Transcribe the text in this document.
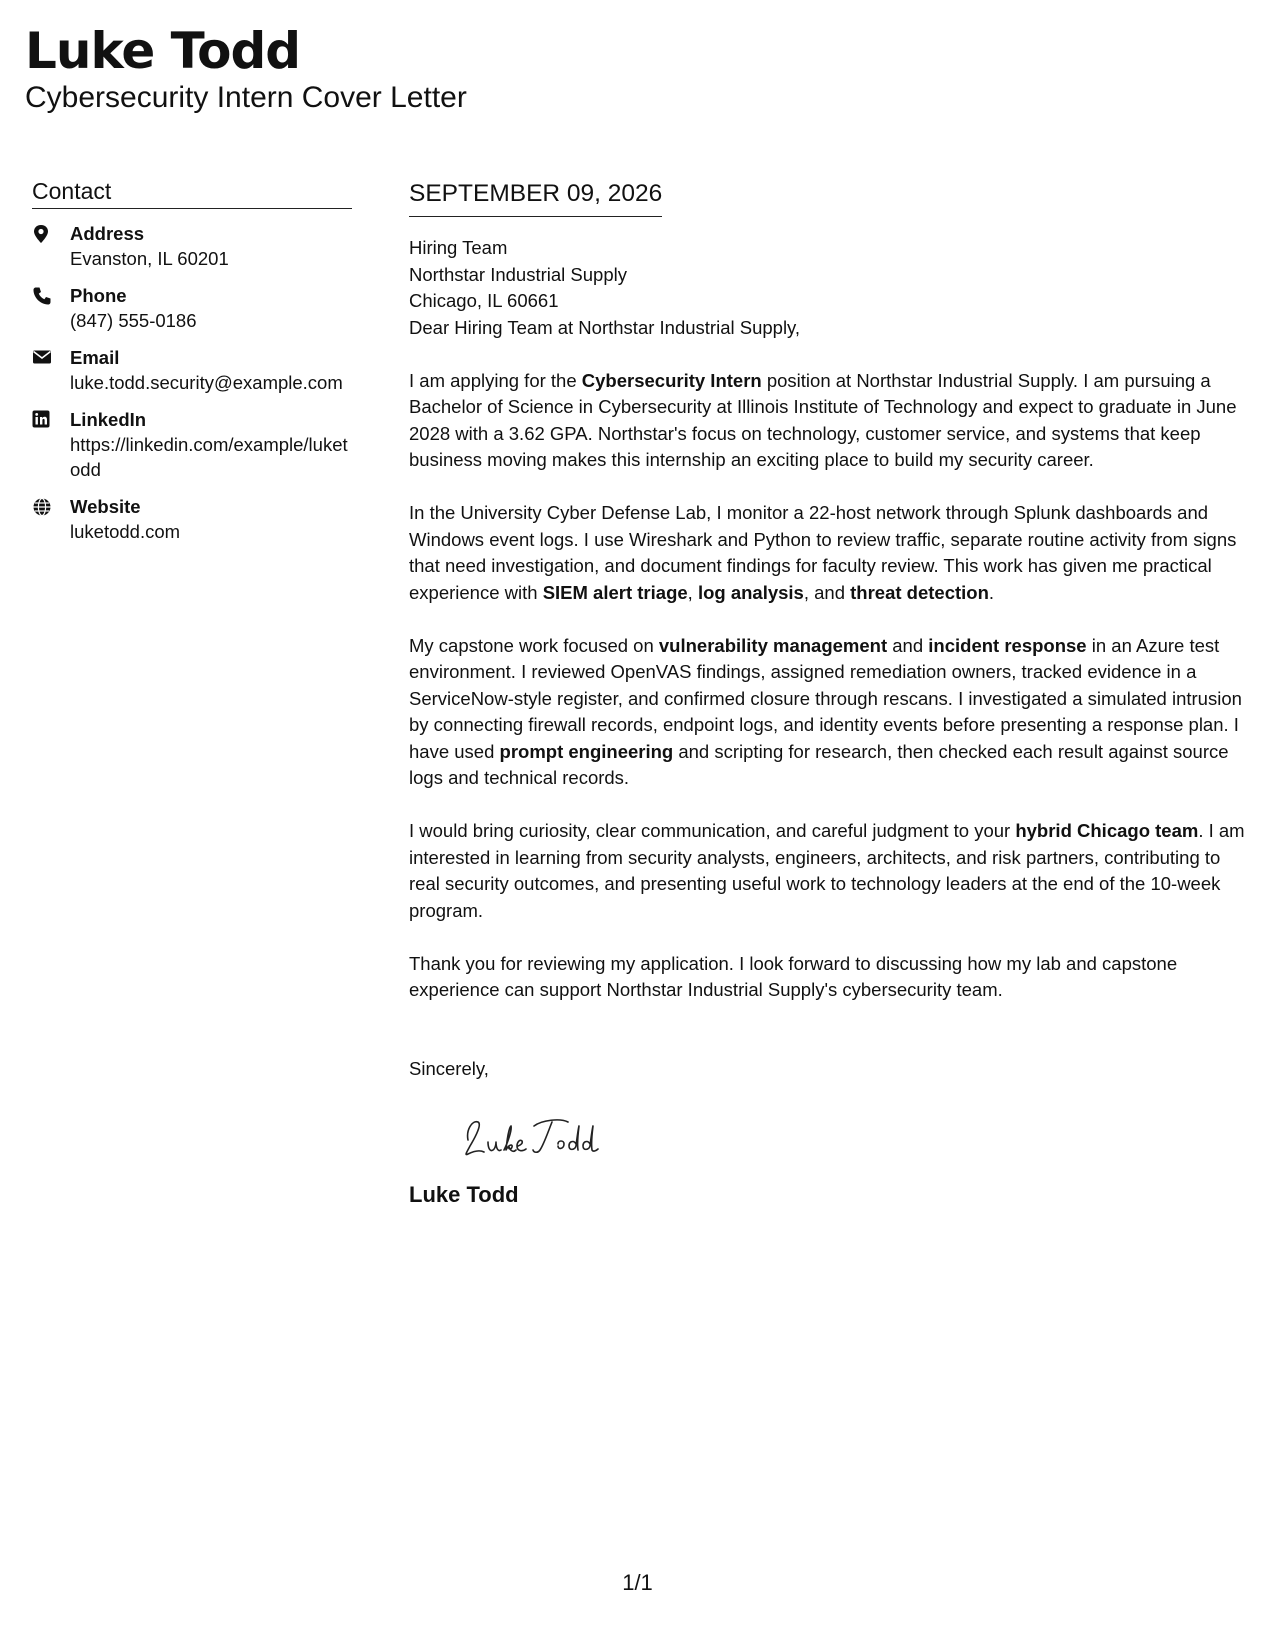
Luke Todd
Cybersecurity Intern Cover Letter
Contact
Address
Evanston, IL 60201
Phone
(847) 555-0186
Email
luke.todd.security@example.com
LinkedIn
https://linkedin.com/example/luketodd
Website
luketodd.com
SEPTEMBER 09, 2026
Hiring Team
Northstar Industrial Supply
Chicago, IL 60661

Dear Hiring Team at Northstar Industrial Supply,

I am applying for the Cybersecurity Intern position at Northstar Industrial Supply. I am pursuing a Bachelor of Science in Cybersecurity at Illinois Institute of Technology and expect to graduate in June 2028 with a 3.62 GPA. Northstar's focus on technology, customer service, and systems that keep business moving makes this internship an exciting place to build my security career.

In the University Cyber Defense Lab, I monitor a 22-host network through Splunk dashboards and Windows event logs. I use Wireshark and Python to review traffic, separate routine activity from signs that need investigation, and document findings for faculty review. This work has given me practical experience with SIEM alert triage, log analysis, and threat detection.

My capstone work focused on vulnerability management and incident response in an Azure test environment. I reviewed OpenVAS findings, assigned remediation owners, tracked evidence in a ServiceNow-style register, and confirmed closure through rescans. I investigated a simulated intrusion by connecting firewall records, endpoint logs, and identity events before presenting a response plan. I have used prompt engineering and scripting for research, then checked each result against source logs and technical records.

I would bring curiosity, clear communication, and careful judgment to your hybrid Chicago team. I am interested in learning from security analysts, engineers, architects, and risk partners, contributing to real security outcomes, and presenting useful work to technology leaders at the end of the 10-week program.

Thank you for reviewing my application. I look forward to discussing how my lab and capstone experience can support Northstar Industrial Supply's cybersecurity team.

Sincerely,
Luke Todd
1/1
